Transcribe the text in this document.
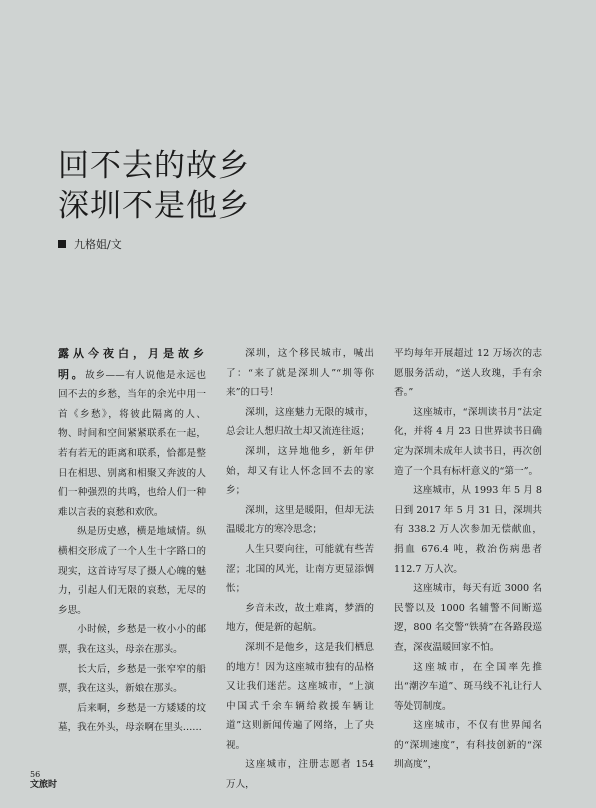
回不去的故乡
深圳不是他乡
九格姐/文

露从今夜白，月是故乡明。故乡——有人说他是永远也回不去的乡愁，当年的余光中用一首《乡愁》，将彼此隔离的人、物、时间和空间紧紧联系在一起，若有若无的距离和联系，恰都是整日在相思、别离和相聚又奔波的人们一种强烈的共鸣，也给人们一种难以言表的哀愁和欢欣。

纵是历史感，横是地域情。纵横相交形成了一个人生十字路口的现实，这首诗写尽了摄人心魄的魅力，引起人们无限的哀愁，无尽的乡思。

小时候，乡愁是一枚小小的邮票，我在这头，母亲在那头。

长大后，乡愁是一张窄窄的船票，我在这头，新娘在那头。

后来啊，乡愁是一方矮矮的坟墓，我在外头，母亲啊在里头……

深圳，这个移民城市，喊出了：“来了就是深圳人”“圳等你来”的口号！

深圳，这座魅力无限的城市，总会让人想归故土却又流连往返；

深圳，这异地他乡，新年伊始，却又有让人怀念回不去的家乡；

深圳，这里是暖阳，但却无法温暖北方的寒冷思念；

人生只要向往，可能就有些苦涩；北国的风光，让南方更显添惆怅；

乡音未改，故土难离，梦酒的地方，便是新的起航。

深圳不是他乡，这是我们栖息的地方！因为这座城市独有的品格又让我们迷茫。这座城市，“上演中国式千余车辆给救援车辆让道”这则新闻传遍了网络，上了央视。

这座城市，注册志愿者 154 万人，

平均每年开展超过 12 万场次的志愿服务活动，“送人玫瑰，手有余香。”

这座城市，“深圳读书月”法定化，并将 4 月 23 日世界读书日确定为深圳未成年人读书日，再次创造了一个具有标杆意义的“第一”。

这座城市，从 1993 年 5 月 8 日到 2017 年 5 月 31 日，深圳共有 338.2 万人次参加无偿献血，捐血 676.4 吨，救治伤病患者 112.7 万人次。

这座城市，每天有近 3000 名民警以及 1000 名辅警不间断巡逻，800 名交警“铁骑”在各路段巡查，深夜温暖回家不怕。

这座城市，在全国率先推出“潮汐车道”、斑马线不礼让行人等处罚制度。

这座城市，不仅有世界闻名的“深圳速度”，有科技创新的“深圳高度”，

56
文旅时
